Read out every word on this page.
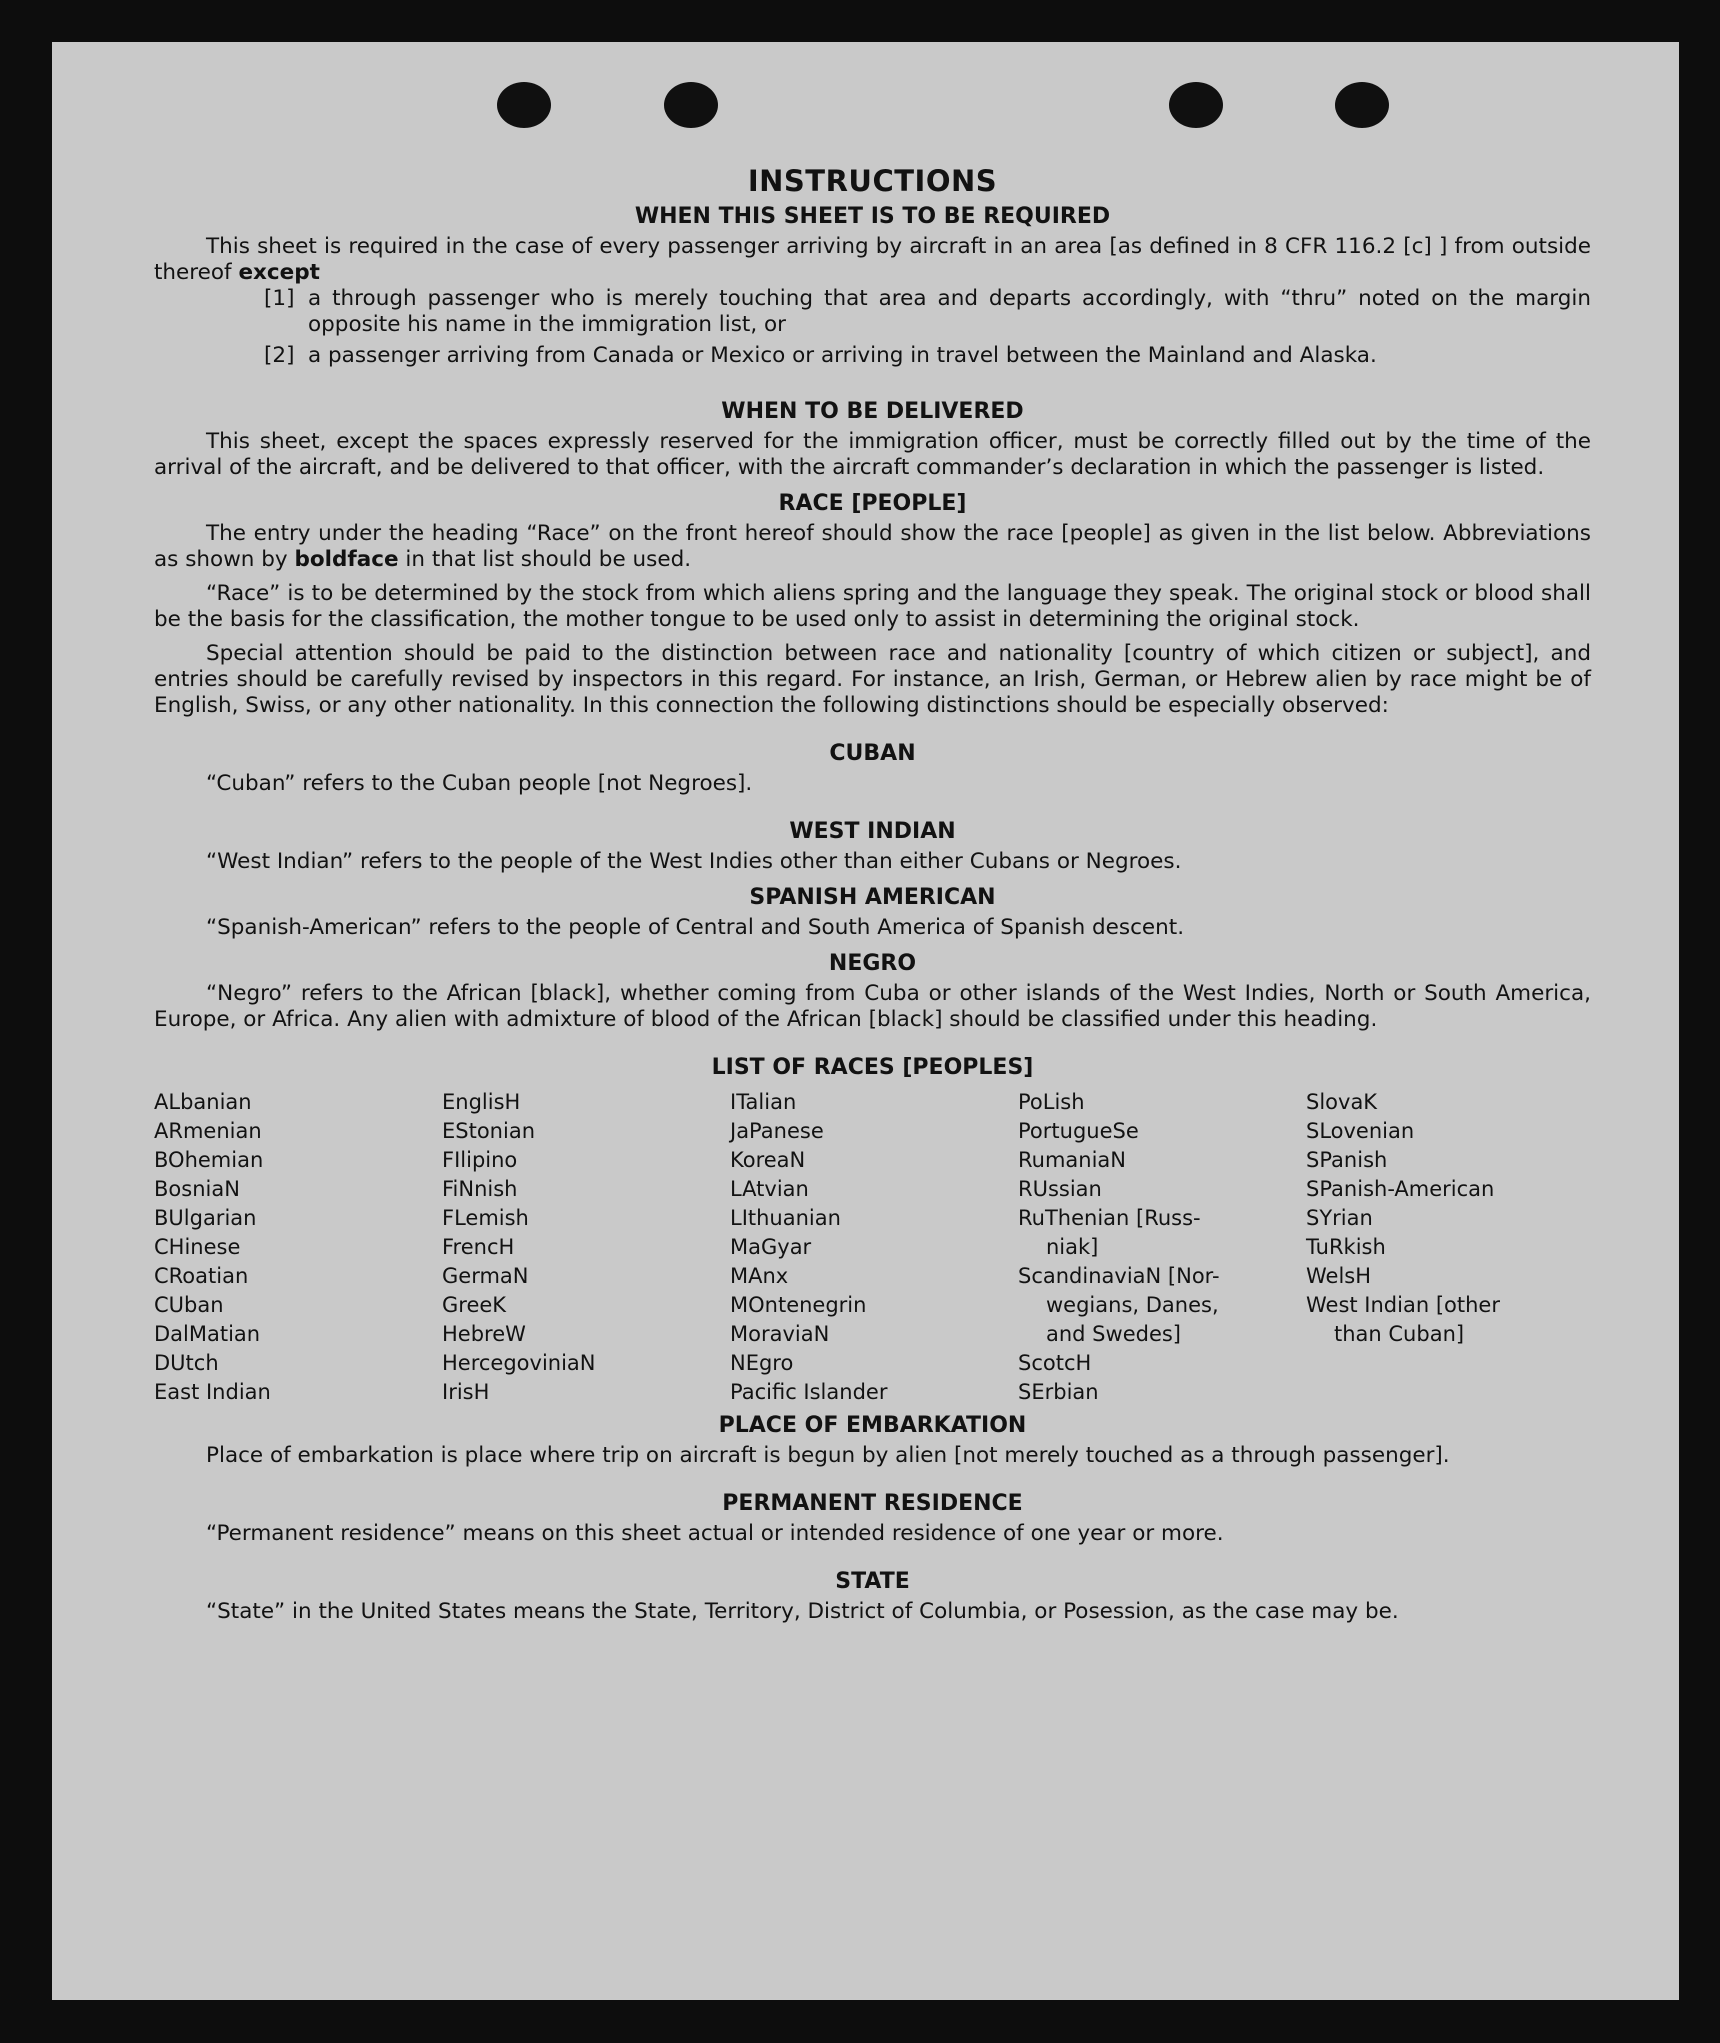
INSTRUCTIONS
WHEN THIS SHEET IS TO BE REQUIRED

This sheet is required in the case of every passenger arriving by aircraft in an area [as defined in 8 CFR 116.2 [c] ] from outside thereof except

[1] a through passenger who is merely touching that area and departs accordingly, with “thru” noted on the margin opposite his name in the immigration list, or
[2] a passenger arriving from Canada or Mexico or arriving in travel between the Mainland and Alaska.
WHEN TO BE DELIVERED

This sheet, except the spaces expressly reserved for the immigration officer, must be correctly filled out by the time of the arrival of the aircraft, and be delivered to that officer, with the aircraft commander’s declaration in which the passenger is listed.

RACE [PEOPLE]

The entry under the heading “Race” on the front hereof should show the race [people] as given in the list below. Abbreviations as shown by boldface in that list should be used.

“Race” is to be determined by the stock from which aliens spring and the language they speak. The original stock or blood shall be the basis for the classification, the mother tongue to be used only to assist in determining the original stock.

Special attention should be paid to the distinction between race and nationality [country of which citizen or subject], and entries should be carefully revised by inspectors in this regard. For instance, an Irish, German, or Hebrew alien by race might be of English, Swiss, or any other nationality. In this connection the following distinctions should be especially observed:

CUBAN

“Cuban” refers to the Cuban people [not Negroes].

WEST INDIAN

“West Indian” refers to the people of the West Indies other than either Cubans or Negroes.

SPANISH AMERICAN

“Spanish-American” refers to the people of Central and South America of Spanish descent.

NEGRO

“Negro” refers to the African [black], whether coming from Cuba or other islands of the West Indies, North or South America, Europe, or Africa. Any alien with admixture of blood of the African [black] should be classified under this heading.

LIST OF RACES [PEOPLES]
ALbanian
ARmenian
BOhemian
BosniaN
BUlgarian
CHinese
CRoatian
CUban
DalMatian
DUtch
East Indian
EnglisH
EStonian
FIlipino
FiNnish
FLemish
FrencH
GermaN
GreeK
HebreW
HercegoviniaN
IrisH
ITalian
JaPanese
KoreaN
LAtvian
LIthuanian
MaGyar
MAnx
MOntenegrin
MoraviaN
NEgro
Pacific Islander
PoLish
PortugueSe
RumaniaN
RUssian
RuThenian [Russ-
niak]
ScandinaviaN [Nor-
wegians, Danes,
and Swedes]
ScotcH
SErbian
SlovaK
SLovenian
SPanish
SPanish-American
SYrian
TuRkish
WelsH
West Indian [other
than Cuban]
PLACE OF EMBARKATION

Place of embarkation is place where trip on aircraft is begun by alien [not merely touched as a through passenger].

PERMANENT RESIDENCE

“Permanent residence” means on this sheet actual or intended residence of one year or more.

STATE

“State” in the United States means the State, Territory, District of Columbia, or Posession, as the case may be.
